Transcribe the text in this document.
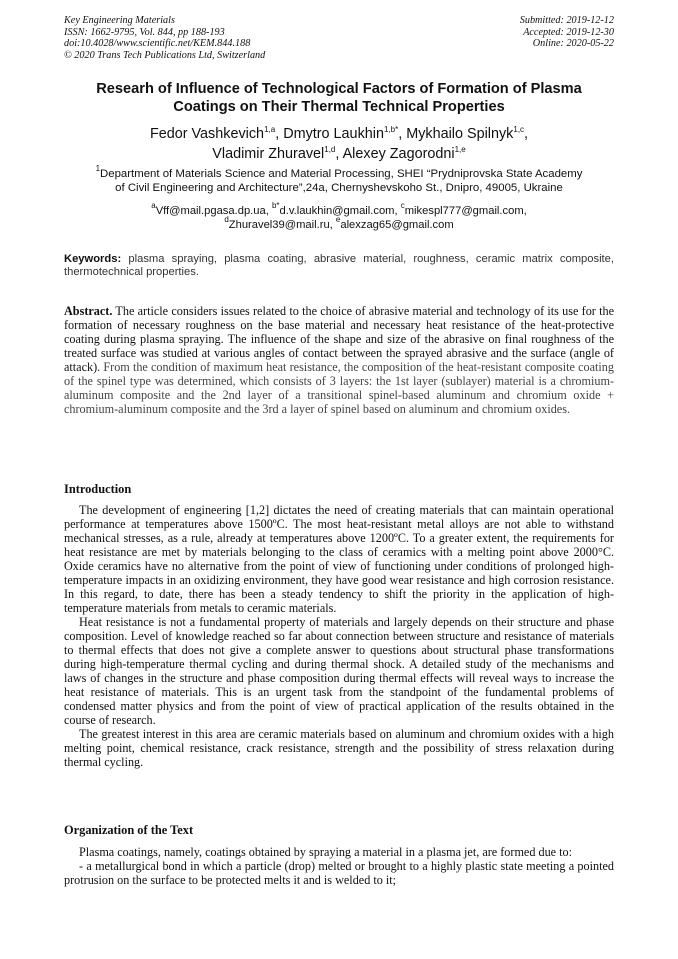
Key Engineering Materials
ISSN: 1662-9795, Vol. 844, pp 188-193
doi:10.4028/www.scientific.net/KEM.844.188
© 2020 Trans Tech Publications Ltd, Switzerland
Submitted: 2019-12-12
Accepted: 2019-12-30
Online: 2020-05-22
Researh of Influence of Technological Factors of Formation of Plasma
Coatings on Their Thermal Technical Properties
Fedor Vashkevich$^{1,a}$, Dmytro Laukhin$^{1,b*}$, Mykhailo Spilnyk$^{1,c}$,
Vladimir Zhuravel$^{1,d}$, Alexey Zagorodni$^{1,e}$
$^1$Department of Materials Science and Material Processing, SHEI “Prydniprovska State Academy
of Civil Engineering and Architecture”,24a, Chernyshevskoho St., Dnipro, 49005, Ukraine
$^a$Vff@mail.pgasa.dp.ua, $^{b*}$d.v.laukhin@gmail.com, $^c$mikespl777@gmail.com,
$^d$Zhuravel39@mail.ru, $^e$alexzag65@gmail.com
Keywords: plasma spraying, plasma coating, abrasive material, roughness, ceramic matrix composite, thermotechnical properties.
Abstract. The article considers issues related to the choice of abrasive material and technology of its use for the formation of necessary roughness on the base material and necessary heat resistance of the heat-protective coating during plasma spraying. The influence of the shape and size of the abrasive on final roughness of the treated surface was studied at various angles of contact between the sprayed abrasive and the surface (angle of attack). From the condition of maximum heat resistance, the composition of the heat-resistant composite coating of the spinel type was determined, which consists of 3 layers: the 1st layer (sublayer) material is a chromium-aluminum composite and the 2nd layer of a transitional spinel-based aluminum and chromium oxide + chromium-aluminum composite and the 3rd a layer of spinel based on aluminum and chromium oxides.
Introduction

The development of engineering [1,2] dictates the need of creating materials that can maintain operational performance at temperatures above 1500ºC. The most heat-resistant metal alloys are not able to withstand mechanical stresses, as a rule, already at temperatures above 1200ºC. To a greater extent, the requirements for heat resistance are met by materials belonging to the class of ceramics with a melting point above 2000°C. Oxide ceramics have no alternative from the point of view of functioning under conditions of prolonged high-temperature impacts in an oxidizing environment, they have good wear resistance and high corrosion resistance. In this regard, to date, there has been a steady tendency to shift the priority in the application of high-temperature materials from metals to ceramic materials.

Heat resistance is not a fundamental property of materials and largely depends on their structure and phase composition. Level of knowledge reached so far about connection between structure and resistance of materials to thermal effects that does not give a complete answer to questions about structural phase transformations during high-temperature thermal cycling and during thermal shock. A detailed study of the mechanisms and laws of changes in the structure and phase composition during thermal effects will reveal ways to increase the heat resistance of materials. This is an urgent task from the standpoint of the fundamental problems of condensed matter physics and from the point of view of practical application of the results obtained in the course of research.

The greatest interest in this area are ceramic materials based on aluminum and chromium oxides with a high melting point, chemical resistance, crack resistance, strength and the possibility of stress relaxation during thermal cycling.

Organization of the Text

Plasma coatings, namely, coatings obtained by spraying a material in a plasma jet, are formed due to:

- a metallurgical bond in which a particle (drop) melted or brought to a highly plastic state meeting a pointed protrusion on the surface to be protected melts it and is welded to it;
